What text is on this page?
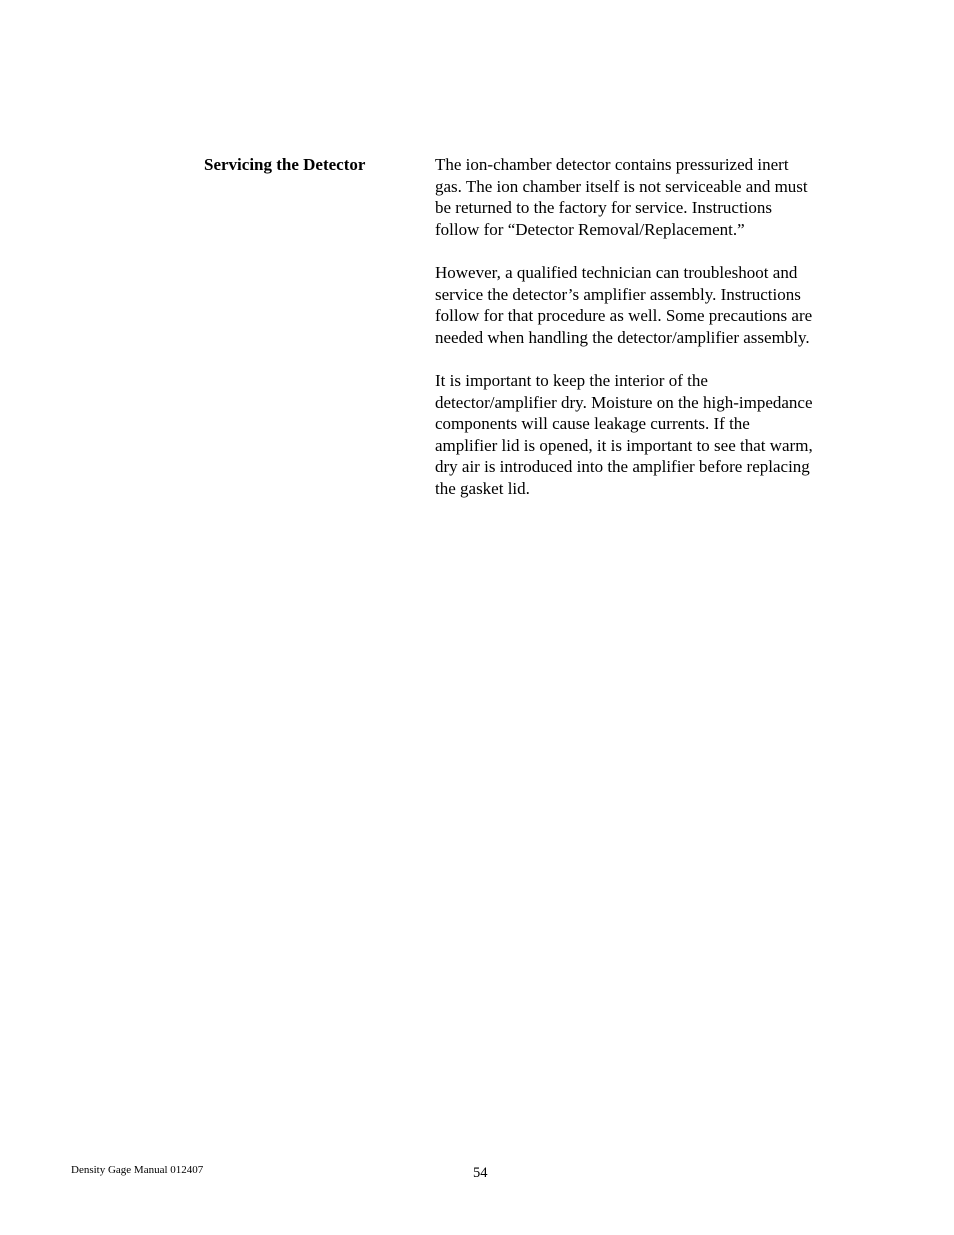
Servicing the Detector	The ion-chamber detector contains pressurized inert
gas. The ion chamber itself is not serviceable and must
be returned to the factory for service. Instructions
follow for “Detector Removal/Replacement.”
However, a qualified technician can troubleshoot and
service the detector’s amplifier assembly. Instructions
follow for that procedure as well. Some precautions are
needed when handling the detector/amplifier assembly.
It is important to keep the interior of the
detector/amplifier dry. Moisture on the high-impedance
components will cause leakage currents. If the
amplifier lid is opened, it is important to see that warm,
dry air is introduced into the amplifier before replacing
the gasket lid.
Density Gage Manual 012407	54
